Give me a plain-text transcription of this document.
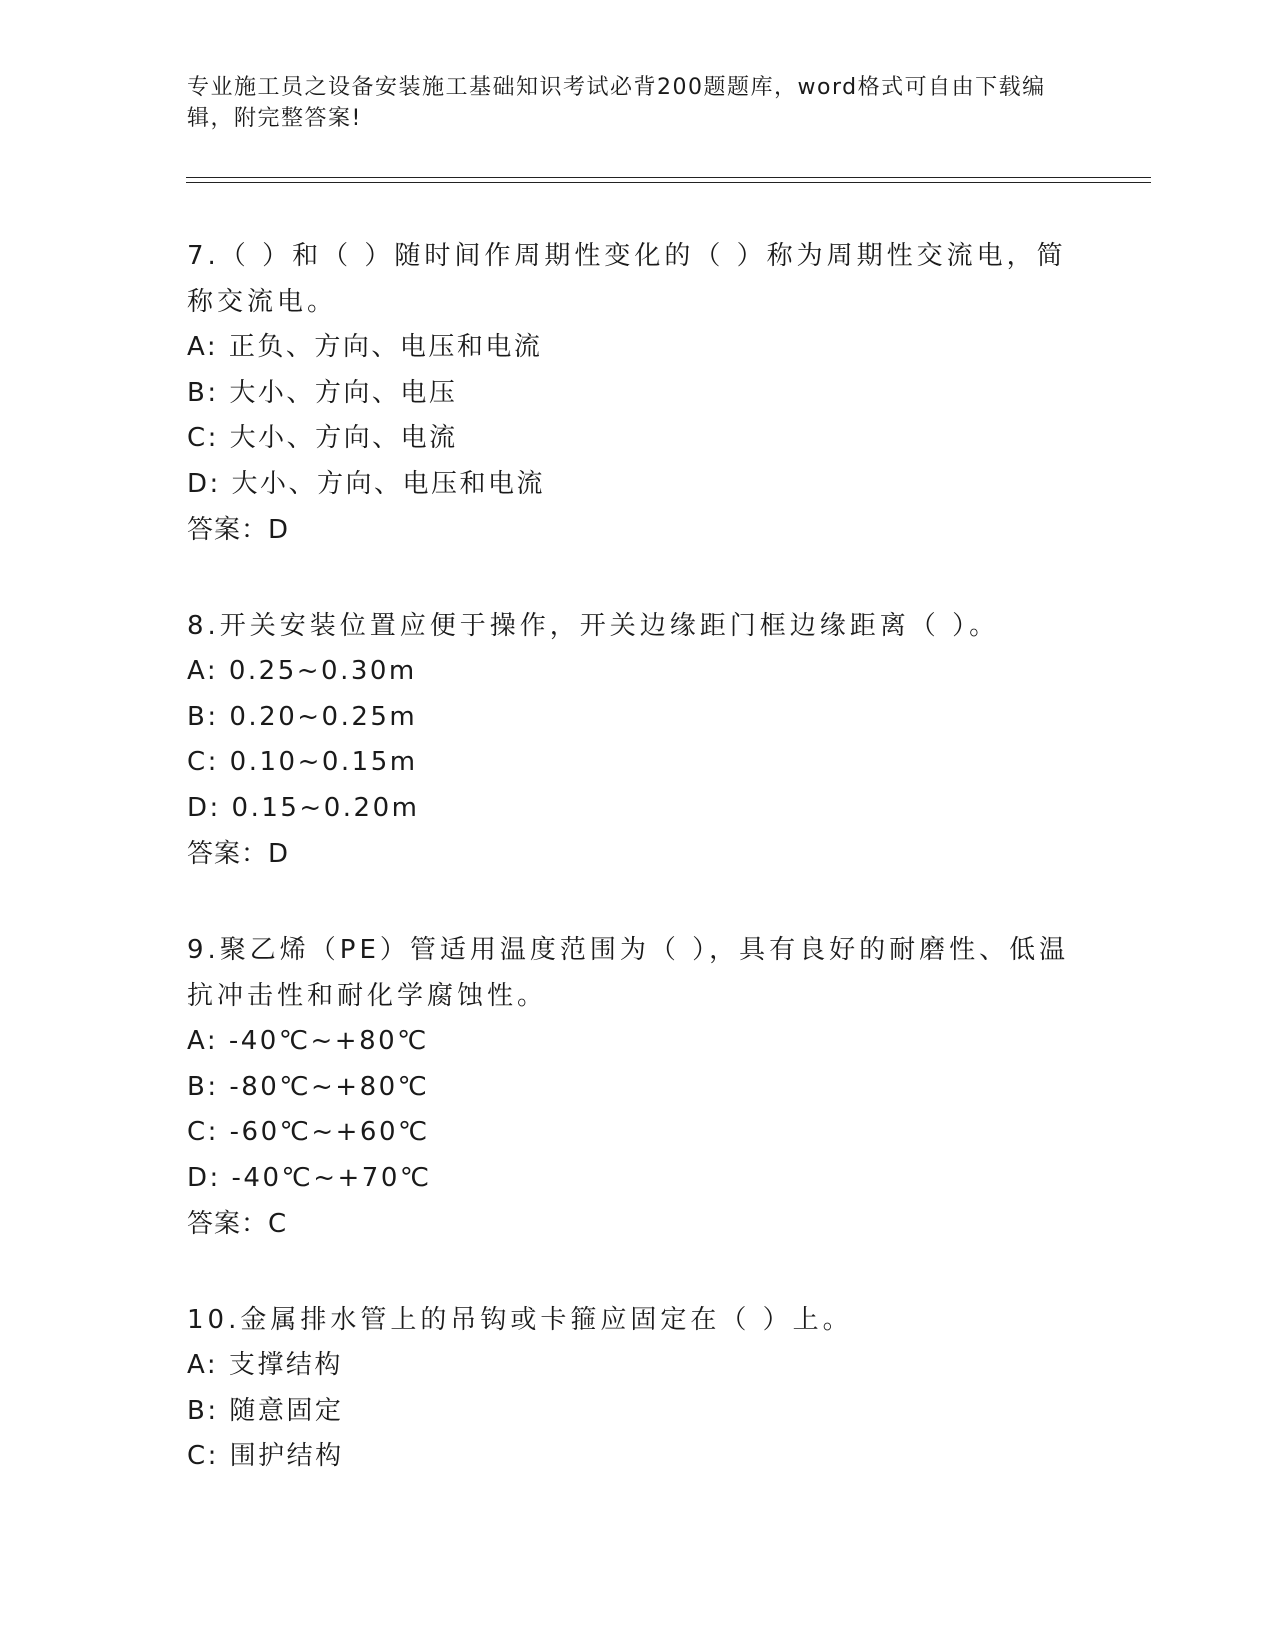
专业施工员之设备安装施工基础知识考试必背200题题库，word格式可自由下载编辑，附完整答案!
7.（ ）和（ ）随时间作周期性变化的（ ）称为周期性交流电，简称交流电。
A: 正负、方向、电压和电流
B: 大小、方向、电压
C: 大小、方向、电流
D: 大小、方向、电压和电流
答案：D
8.开关安装位置应便于操作，开关边缘距门框边缘距离（ ）。
A: 0.25~0.30m
B: 0.20~0.25m
C: 0.10~0.15m
D: 0.15~0.20m
答案：D
9.聚乙烯（PE）管适用温度范围为（ ），具有良好的耐磨性、低温抗冲击性和耐化学腐蚀性。
A: -40℃~+80℃
B: -80℃~+80℃
C: -60℃~+60℃
D: -40℃~+70℃
答案：C
10.金属排水管上的吊钩或卡箍应固定在（ ）上。
A: 支撑结构
B: 随意固定
C: 围护结构
